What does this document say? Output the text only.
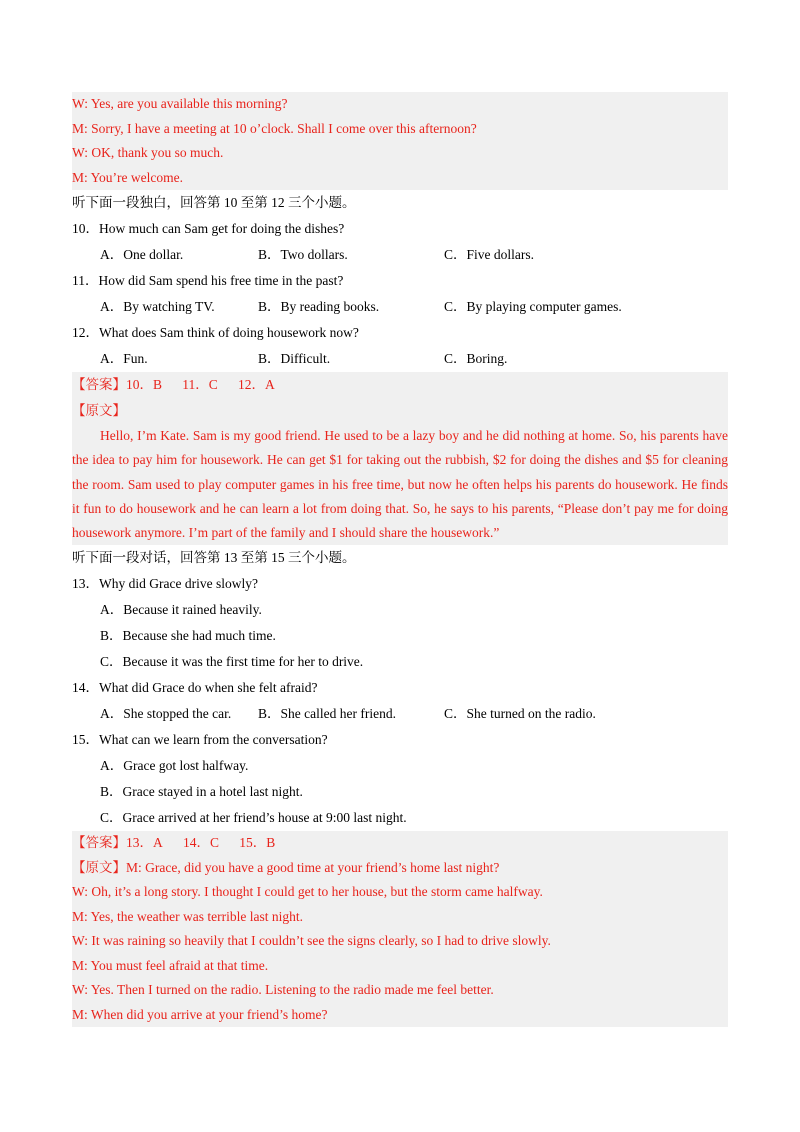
W: Yes, are you available this morning?
M: Sorry, I have a meeting at 10 o’clock. Shall I come over this afternoon?
W: OK, thank you so much.
M: You’re welcome.
听下面一段独白，回答第 10 至第 12 三个小题。
10．How much can Sam get for doing the dishes?
A．One dollar.	B．Two dollars.	C．Five dollars.
11．How did Sam spend his free time in the past?
A．By watching TV.	B．By reading books.	C．By playing computer games.
12．What does Sam think of doing housework now?
A．Fun.	B．Difficult.	C．Boring.
【答案】10．B      11．C      12．A
【原文】
Hello, I’m Kate. Sam is my good friend. He used to be a lazy boy and he did nothing at home. So, his parents have the idea to pay him for housework. He can get $1 for taking out the rubbish, $2 for doing the dishes and $5 for cleaning the room. Sam used to play computer games in his free time, but now he often helps his parents do housework. He finds it fun to do housework and he can learn a lot from doing that. So, he says to his parents, “Please don’t pay me for doing housework anymore. I’m part of the family and I should share the housework.”
听下面一段对话，回答第 13 至第 15 三个小题。
13．Why did Grace drive slowly?
A．Because it rained heavily.
B．Because she had much time.
C．Because it was the first time for her to drive.
14．What did Grace do when she felt afraid?
A．She stopped the car. B．She called her friend.	C．She turned on the radio.
15．What can we learn from the conversation?
A．Grace got lost halfway.
B．Grace stayed in a hotel last night.
C．Grace arrived at her friend’s house at 9:00 last night.
【答案】13．A      14．C      15．B
【原文】M: Grace, did you have a good time at your friend’s home last night?
W: Oh, it’s a long story. I thought I could get to her house, but the storm came halfway.
M: Yes, the weather was terrible last night.
W: It was raining so heavily that I couldn’t see the signs clearly, so I had to drive slowly.
M: You must feel afraid at that time.
W: Yes. Then I turned on the radio. Listening to the radio made me feel better.
M: When did you arrive at your friend’s home?
